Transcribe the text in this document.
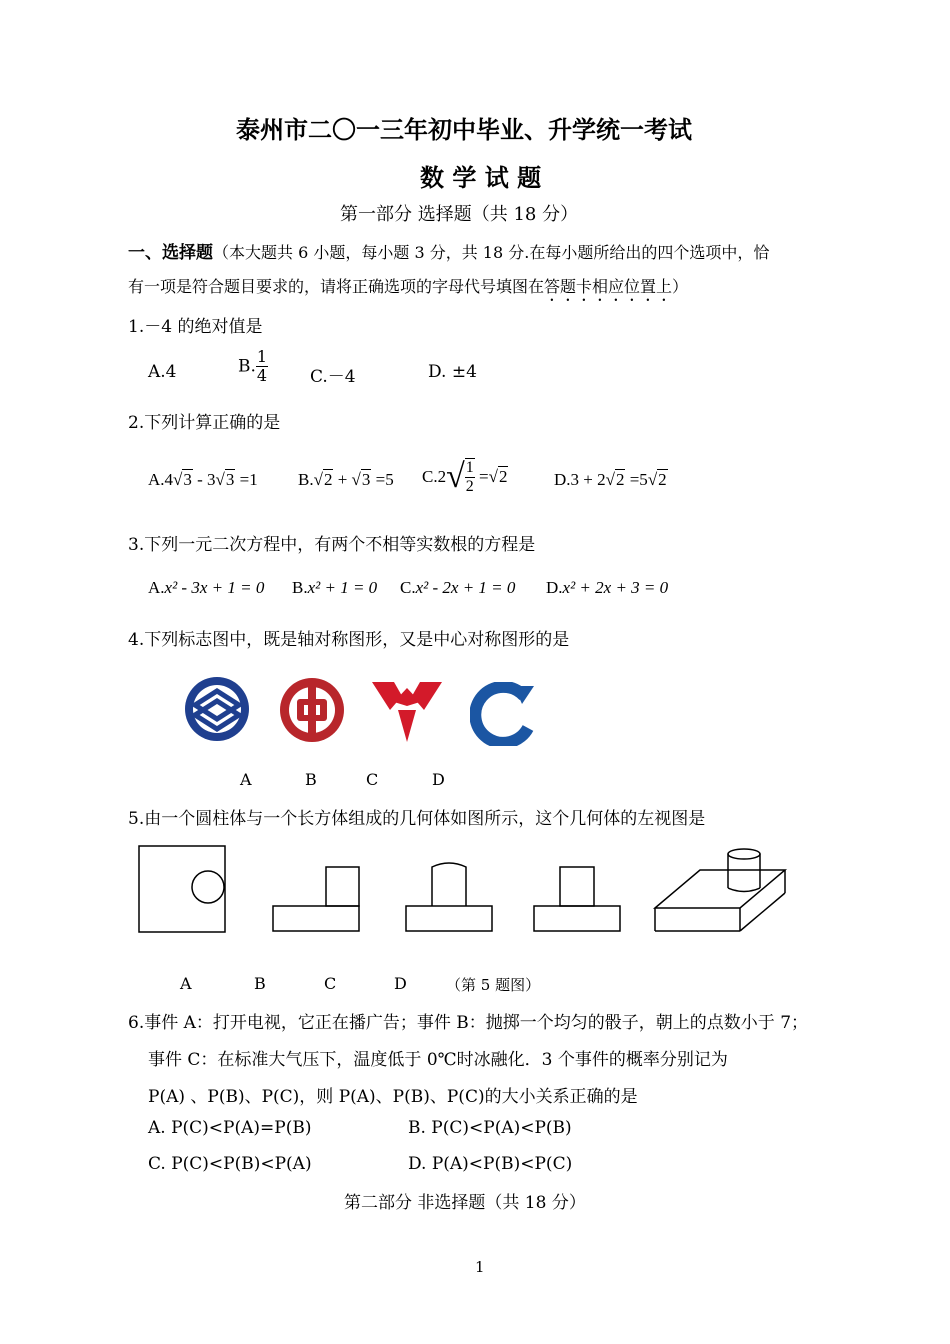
泰州市二〇一三年初中毕业、升学统一考试
数 学 试 题
第一部分 选择题（共 18 分）
一、选择题（本大题共 6 小题，每小题 3 分，共 18 分.在每小题所给出的四个选项中，恰
有一项是符合题目要求的，请将正确选项的字母代号填图在答题卡相应位置上）
1.－4 的绝对值是
A.4	B. $\frac{1}{4} C.-4$	D. ±4
2.下列计算正确的是
A.4√3 - 3√3 =1 B.√2 + √3 =5 $C.2√ \frac{1}{2} =√2$	D.3 + 2√2 =5√2
3.下列一元二次方程中，有两个不相等实数根的方程是
A.x² - 3x + 1 = 0 B.x² + 1 = 0 C.x² - 2x + 1 = 0 D.x² + 2x + 3 = 0
4.下列标志图中，既是轴对称图形，又是中心对称图形的是
A	B	C	D
5.由一个圆柱体与一个长方体组成的几何体如图所示，这个几何体的左视图是
A	B	C	D	（第 5 题图）
6.事件 A：打开电视，它正在播广告；事件 B：抛掷一个均匀的骰子，朝上的点数小于 7；
事件 C：在标准大气压下，温度低于 0℃时冰融化．3 个事件的概率分别记为
P(A) 、P(B)、P(C)，则 P(A)、P(B)、P(C)的大小关系正确的是
A. P(C)<P(A)=P(B)	B. P(C)<P(A)<P(B)
C. P(C)<P(B)<P(A)	D. P(A)<P(B)<P(C)
第二部分 非选择题（共 18 分）
1
